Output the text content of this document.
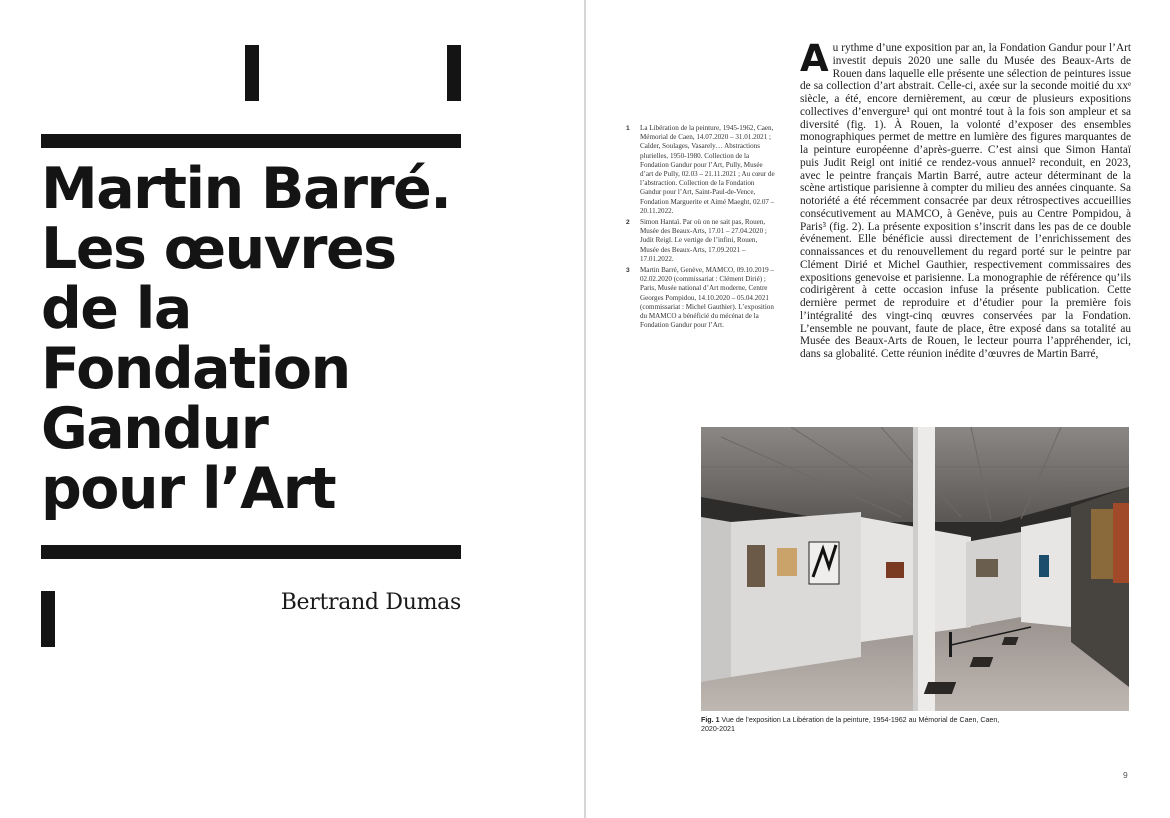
Martin Barré.
Les œuvres
de la
Fondation
Gandur
pour l’Art
Bertrand Dumas
1	La Libération de la peinture, 1945-1962, Caen, Mémorial de Caen, 14.07.2020 – 31.01.2021 ; Calder, Soulages, Vasarely… Abstractions plurielles, 1950-1980. Collection de la Fondation Gandur pour l’Art, Pully, Musée d’art de Pully, 02.03 – 21.11.2021 ; Au cœur de l’abstraction. Collection de la Fondation Gandur pour l’Art, Saint-Paul-de-Vence, Fondation Marguerite et Aimé Maeght, 02.07 – 20.11.2022.
2	Simon Hantaï. Par où on ne sait pas, Rouen, Musée des Beaux-Arts, 17.01 – 27.04.2020 ; Judit Reigl. Le vertige de l’infini, Rouen, Musée des Beaux-Arts, 17.09.2021 – 17.01.2022.
3	Martin Barré, Genève, MAMCO, 09.10.2019 – 02.02.2020 (commissariat : Clément Dirié) ; Paris, Musée national d’Art moderne, Centre Georges Pompidou, 14.10.2020 – 05.04.2021 (commissariat : Michel Gauthier). L’exposition du MAMCO a bénéficié du mécénat de la Fondation Gandur pour l’Art.
A u rythme d’une exposition par an, la Fondation Gandur pour l’Art investit depuis 2020 une salle du Musée des Beaux-Arts de Rouen dans laquelle elle présente une sélection de peintures issue de sa collection d’art abstrait. Celle-ci, axée sur la seconde moitié du xxᵉ siècle, a été, encore dernièrement, au cœur de plusieurs expositions collectives d’envergure¹ qui ont montré tout à la fois son ampleur et sa diversité (fig. 1). À Rouen, la volonté d’exposer des ensembles monographiques permet de mettre en lumière des figures marquantes de la peinture européenne d’après-guerre. C’est ainsi que Simon Hantaï puis Judit Reigl ont initié ce rendez-vous annuel² reconduit, en 2023, avec le peintre français Martin Barré, autre acteur déterminant de la scène artistique parisienne à compter du milieu des années cinquante. Sa notoriété a été récemment consacrée par deux rétrospectives accueillies consécutivement au MAMCO, à Genève, puis au Centre Pompidou, à Paris³ (fig. 2). La présente exposition s’inscrit dans les pas de ce double événement. Elle bénéficie aussi directement de l’enrichissement des connaissances et du renouvellement du regard porté sur le peintre par Clément Dirié et Michel Gauthier, respectivement commissaires des expositions genevoise et parisienne. La monographie de référence qu’ils codirigèrent à cette occasion infuse la présente publication. Cette dernière permet de reproduire et d’étudier pour la première fois l’intégralité des vingt-cinq œuvres conservées par la Fondation. L’ensemble ne pouvant, faute de place, être exposé dans sa totalité au Musée des Beaux-Arts de Rouen, le lecteur pourra l’appréhender, ici, dans sa globalité. Cette réunion inédite d’œuvres de Martin Barré,

Fig. 1 Vue de l’exposition La Libération de la peinture, 1954-1962 au Mémorial de Caen, Caen, 2020-2021
9
